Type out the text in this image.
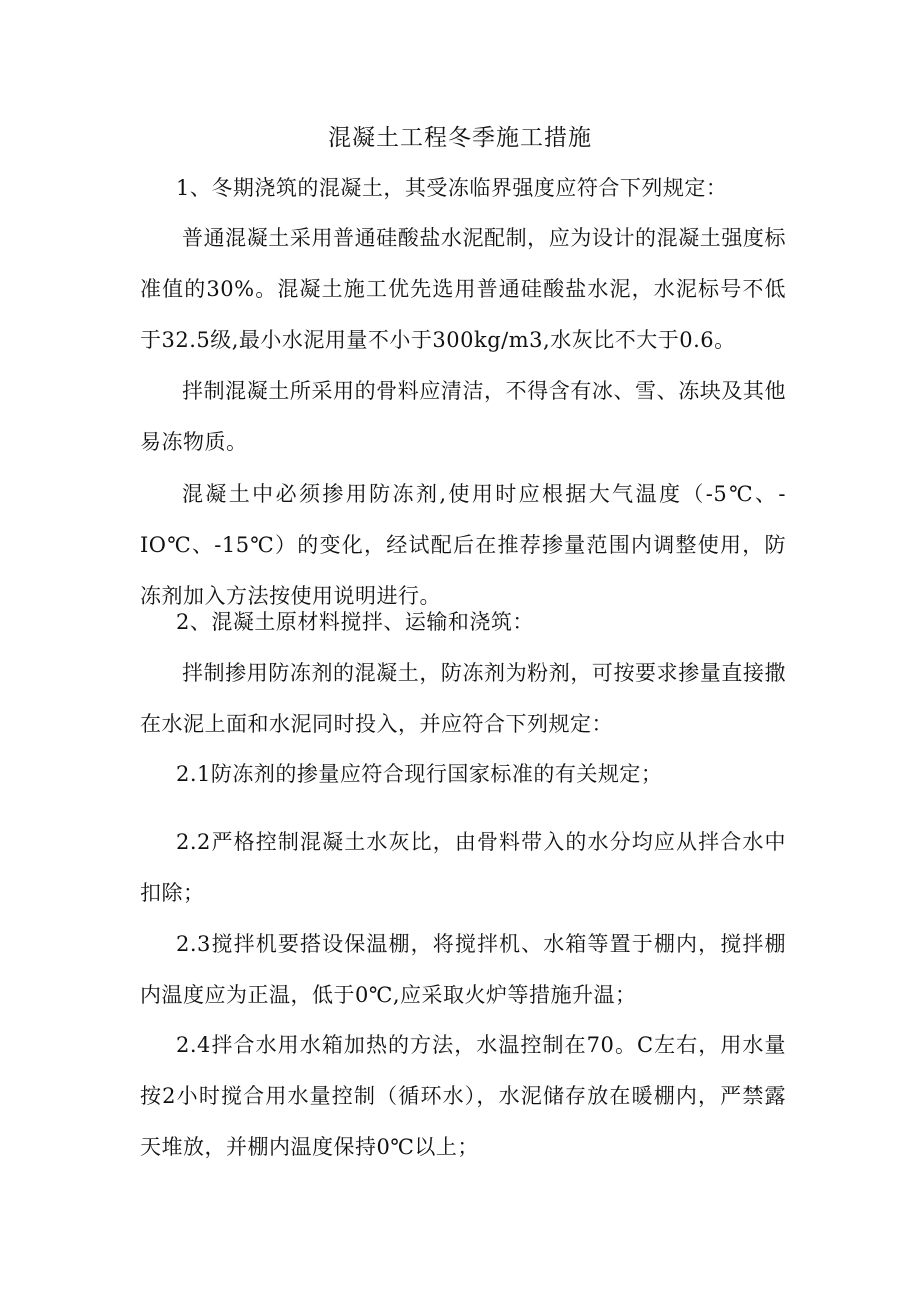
混凝土工程冬季施工措施

1、冬期浇筑的混凝土，其受冻临界强度应符合下列规定：

普通混凝土采用普通硅酸盐水泥配制，应为设计的混凝土强度标准值的30%。混凝土施工优先选用普通硅酸盐水泥，水泥标号不低于32.5级,最小水泥用量不小于300kg∕m3,水灰比不大于0.6。

拌制混凝土所采用的骨料应清洁，不得含有冰、雪、冻块及其他易冻物质。

混凝土中必须掺用防冻剂,使用时应根据大气温度（-5℃、-IO℃、-15℃）的变化，经试配后在推荐掺量范围内调整使用，防冻剂加入方法按使用说明进行。

2、混凝土原材料搅拌、运输和浇筑：

拌制掺用防冻剂的混凝土，防冻剂为粉剂，可按要求掺量直接撒在水泥上面和水泥同时投入，并应符合下列规定：

2.1防冻剂的掺量应符合现行国家标准的有关规定；

2.2严格控制混凝土水灰比，由骨料带入的水分均应从拌合水中扣除；

2.3搅拌机要搭设保温棚，将搅拌机、水箱等置于棚内，搅拌棚内温度应为正温，低于0℃,应采取火炉等措施升温；

2.4拌合水用水箱加热的方法，水温控制在70。C左右，用水量按2小时搅合用水量控制（循环水），水泥储存放在暖棚内，严禁露天堆放，并棚内温度保持0℃以上；
